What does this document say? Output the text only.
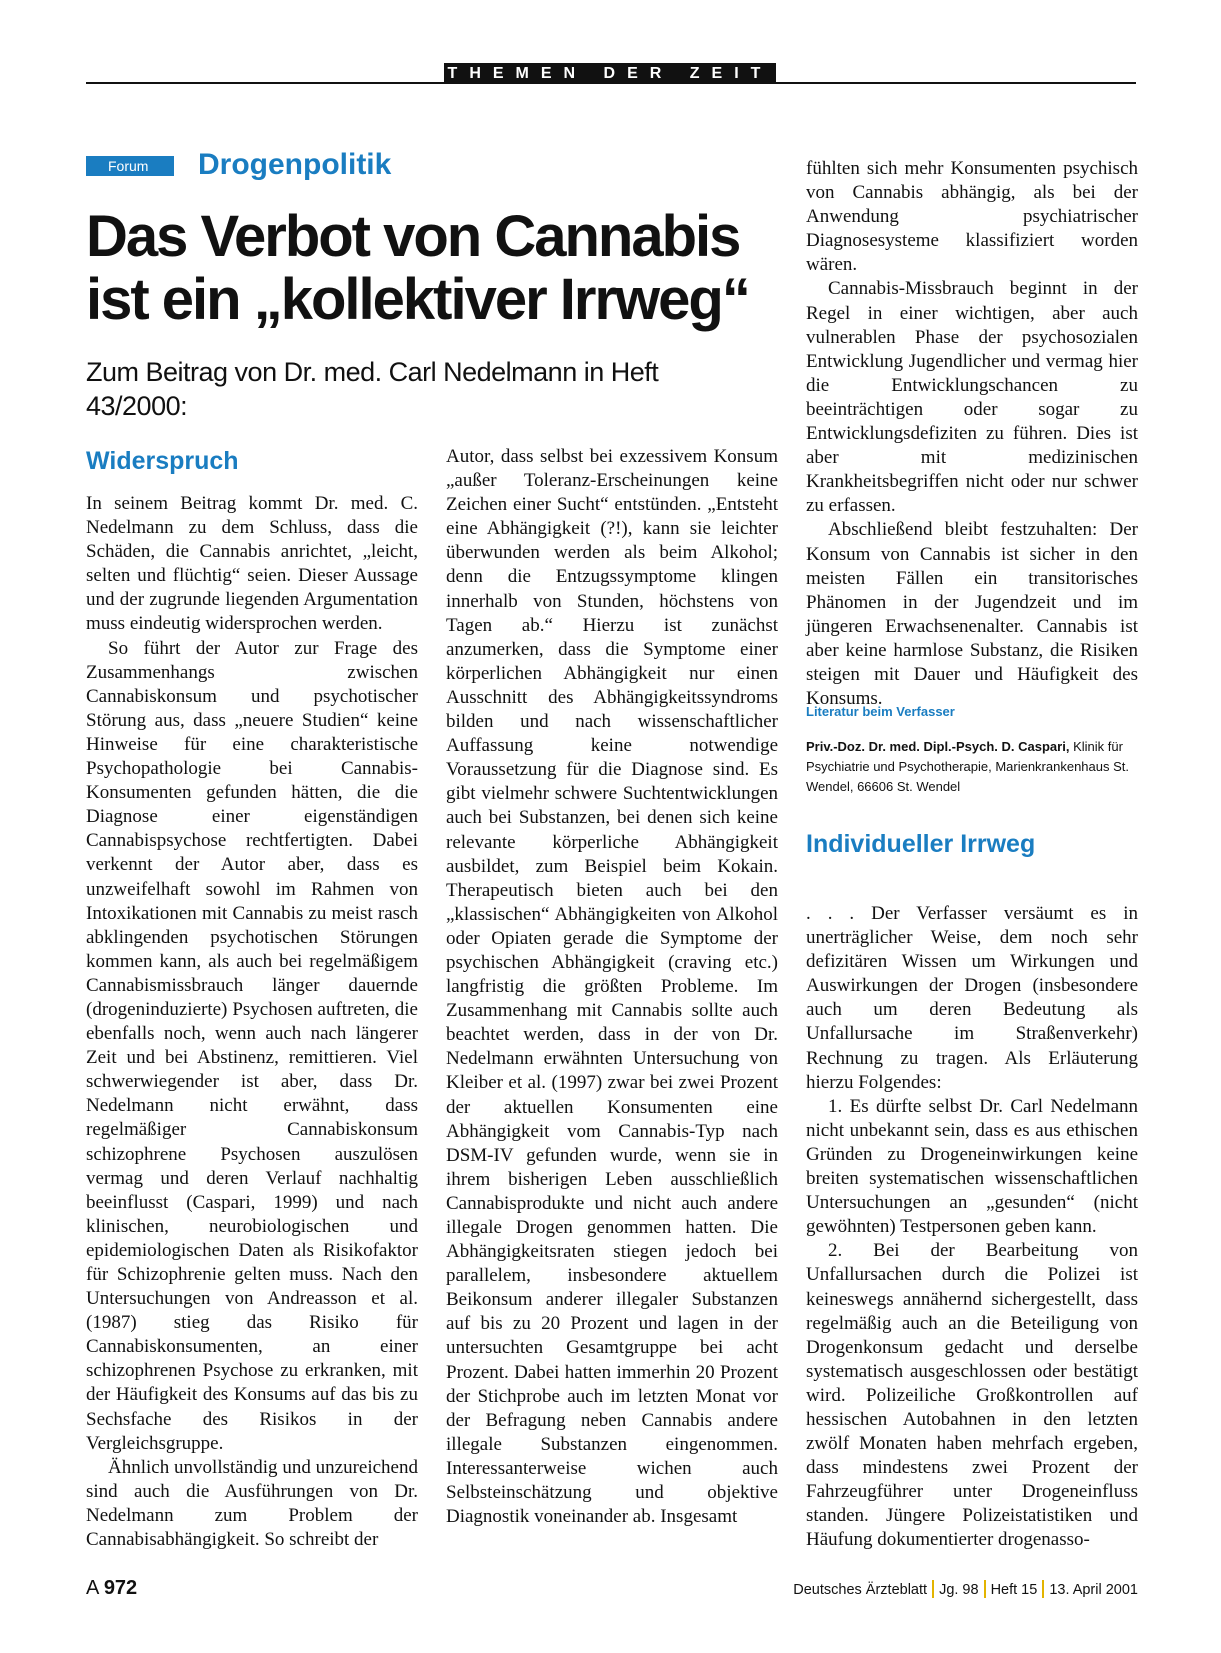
THEMEN DER ZEIT
Forum	Drogenpolitik
Das Verbot von Cannabis ist ein „kollektiver Irrweg“
Zum Beitrag von Dr. med. Carl Nedelmann in Heft 43/2000:
Widerspruch

In seinem Beitrag kommt Dr. med. C. Nedelmann zu dem Schluss, dass die Schäden, die Cannabis anrichtet, „leicht, selten und flüchtig“ seien. Dieser Aussage und der zugrunde liegenden Argumentation muss eindeutig widersprochen werden.

So führt der Autor zur Frage des Zusammenhangs zwischen Cannabiskonsum und psychotischer Störung aus, dass „neuere Studien“ keine Hinweise für eine charakteristische Psychopathologie bei Cannabis-Konsumenten gefunden hätten, die die Diagnose einer eigenständigen Cannabispsychose rechtfertigten. Dabei verkennt der Autor aber, dass es unzweifelhaft sowohl im Rahmen von Intoxikationen mit Cannabis zu meist rasch abklingenden psychotischen Störungen kommen kann, als auch bei regelmäßigem Cannabismissbrauch länger dauernde (drogeninduzierte) Psychosen auftreten, die ebenfalls noch, wenn auch nach längerer Zeit und bei Abstinenz, remittieren. Viel schwerwiegender ist aber, dass Dr. Nedelmann nicht erwähnt, dass regelmäßiger Cannabiskonsum schizophrene Psychosen auszulösen vermag und deren Verlauf nachhaltig beeinflusst (Caspari, 1999) und nach klinischen, neurobiologischen und epidemiologischen Daten als Risikofaktor für Schizophrenie gelten muss. Nach den Untersuchungen von Andreasson et al. (1987) stieg das Risiko für Cannabiskonsumenten, an einer schizophrenen Psychose zu erkranken, mit der Häufigkeit des Konsums auf das bis zu Sechsfache des Risikos in der Vergleichsgruppe.

Ähnlich unvollständig und unzureichend sind auch die Ausführungen von Dr. Nedelmann zum Problem der Cannabisabhängigkeit. So schreibt der

Autor, dass selbst bei exzessivem Konsum „außer Toleranz-Erscheinungen keine Zeichen einer Sucht“ entstünden. „Entsteht eine Abhängigkeit (?!), kann sie leichter überwunden werden als beim Alkohol; denn die Entzugssymptome klingen innerhalb von Stunden, höchstens von Tagen ab.“ Hierzu ist zunächst anzumerken, dass die Symptome einer körperlichen Abhängigkeit nur einen Ausschnitt des Abhängigkeitssyndroms bilden und nach wissenschaftlicher Auffassung keine notwendige Voraussetzung für die Diagnose sind. Es gibt vielmehr schwere Suchtentwicklungen auch bei Substanzen, bei denen sich keine relevante körperliche Abhängigkeit ausbildet, zum Beispiel beim Kokain. Therapeutisch bieten auch bei den „klassischen“ Abhängigkeiten von Alkohol oder Opiaten gerade die Symptome der psychischen Abhängigkeit (craving etc.) langfristig die größten Probleme. Im Zusammenhang mit Cannabis sollte auch beachtet werden, dass in der von Dr. Nedelmann erwähnten Untersuchung von Kleiber et al. (1997) zwar bei zwei Prozent der aktuellen Konsumenten eine Abhängigkeit vom Cannabis-Typ nach DSM-IV gefunden wurde, wenn sie in ihrem bisherigen Leben ausschließlich Cannabisprodukte und nicht auch andere illegale Drogen genommen hatten. Die Abhängigkeitsraten stiegen jedoch bei parallelem, insbesondere aktuellem Beikonsum anderer illegaler Substanzen auf bis zu 20 Prozent und lagen in der untersuchten Gesamtgruppe bei acht Prozent. Dabei hatten immerhin 20 Prozent der Stichprobe auch im letzten Monat vor der Befragung neben Cannabis andere illegale Substanzen eingenommen. Interessanterweise wichen auch Selbsteinschätzung und objektive Diagnostik voneinander ab. Insgesamt

fühlten sich mehr Konsumenten psychisch von Cannabis abhängig, als bei der Anwendung psychiatrischer Diagnosesysteme klassifiziert worden wären.

Cannabis-Missbrauch beginnt in der Regel in einer wichtigen, aber auch vulnerablen Phase der psychosozialen Entwicklung Jugendlicher und vermag hier die Entwicklungschancen zu beeinträchtigen oder sogar zu Entwicklungsdefiziten zu führen. Dies ist aber mit medizinischen Krankheitsbegriffen nicht oder nur schwer zu erfassen.

Abschließend bleibt festzuhalten: Der Konsum von Cannabis ist sicher in den meisten Fällen ein transitorisches Phänomen in der Jugendzeit und im jüngeren Erwachsenenalter. Cannabis ist aber keine harmlose Substanz, die Risiken steigen mit Dauer und Häufigkeit des Konsums.

Literatur beim Verfasser
Priv.-Doz. Dr. med. Dipl.-Psych. D. Caspari, Klinik für Psychiatrie und Psychotherapie, Marienkrankenhaus St. Wendel, 66606 St. Wendel
Individueller Irrweg

. . . Der Verfasser versäumt es in unerträglicher Weise, dem noch sehr defizitären Wissen um Wirkungen und Auswirkungen der Drogen (insbesondere auch um deren Bedeutung als Unfallursache im Straßenverkehr) Rechnung zu tragen. Als Erläuterung hierzu Folgendes:

1. Es dürfte selbst Dr. Carl Nedelmann nicht unbekannt sein, dass es aus ethischen Gründen zu Drogeneinwirkungen keine breiten systematischen wissenschaftlichen Untersuchungen an „gesunden“ (nicht gewöhnten) Testpersonen geben kann.

2. Bei der Bearbeitung von Unfallursachen durch die Polizei ist keineswegs annähernd sichergestellt, dass regelmäßig auch an die Beteiligung von Drogenkonsum gedacht und derselbe systematisch ausgeschlossen oder bestätigt wird. Polizeiliche Großkontrollen auf hessischen Autobahnen in den letzten zwölf Monaten haben mehrfach ergeben, dass mindestens zwei Prozent der Fahrzeugführer unter Drogeneinfluss standen. Jüngere Polizeistatistiken und Häufung dokumentierter drogenasso-

A 972	Deutsches Ärzteblatt Jg. 98 Heft 15 13. April 2001
